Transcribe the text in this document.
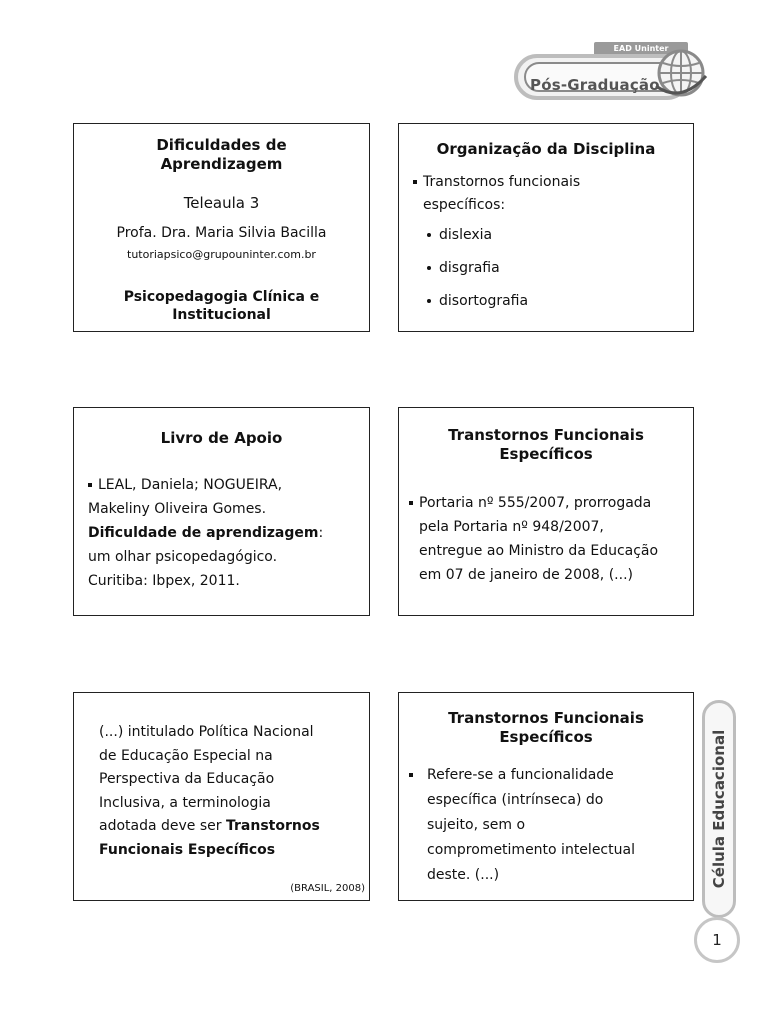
EAD Uninter
Pós-Graduação
Dificuldades de
Aprendizagem
Teleaula 3
Profa. Dra. Maria Silvia Bacilla
tutoriapsico@grupouninter.com.br
Psicopedagogia Clínica e
Institucional
Organização da Disciplina
Transtornos funcionais
específicos:
dislexia
disgrafia
disortografia
Livro de Apoio
LEAL, Daniela; NOGUEIRA,
Makeliny Oliveira Gomes.
Dificuldade de aprendizagem:
um olhar psicopedagógico.
Curitiba: Ibpex, 2011.
Transtornos Funcionais
Específicos
Portaria nº 555/2007, prorrogada
pela Portaria nº 948/2007,
entregue ao Ministro da Educação
em 07 de janeiro de 2008, (...)
(...) intitulado Política Nacional
de Educação Especial na
Perspectiva da Educação
Inclusiva, a terminologia
adotada deve ser Transtornos
Funcionais Específicos
(BRASIL, 2008)
Transtornos Funcionais
Específicos
Refere-se a funcionalidade
específica (intrínseca) do
sujeito, sem o
comprometimento intelectual
deste. (...)	Célula Educacional
1
